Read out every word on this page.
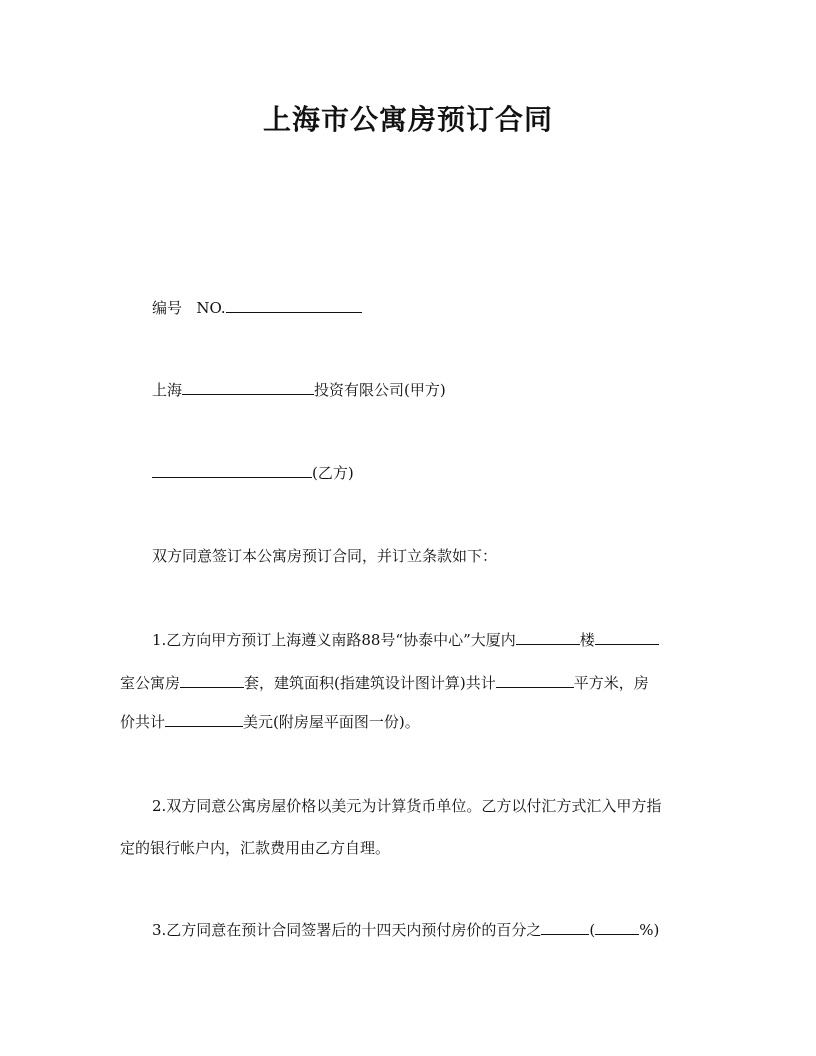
上海市公寓房预订合同
编号 NO.
上海	投资有限公司(甲方)
(乙方)
双方同意签订本公寓房预订合同，并订立条款如下：
1.乙方向甲方预订上海遵义南路88号“协泰中心”大厦内	楼
室公寓房	套，建筑面积(指建筑设计图计算)共计	平方米，房
价共计	美元(附房屋平面图一份)。
2.双方同意公寓房屋价格以美元为计算货币单位。乙方以付汇方式汇入甲方指
定的银行帐户内，汇款费用由乙方自理。
3.乙方同意在预计合同签署后的十四天内预付房价的百分之	(	%)
